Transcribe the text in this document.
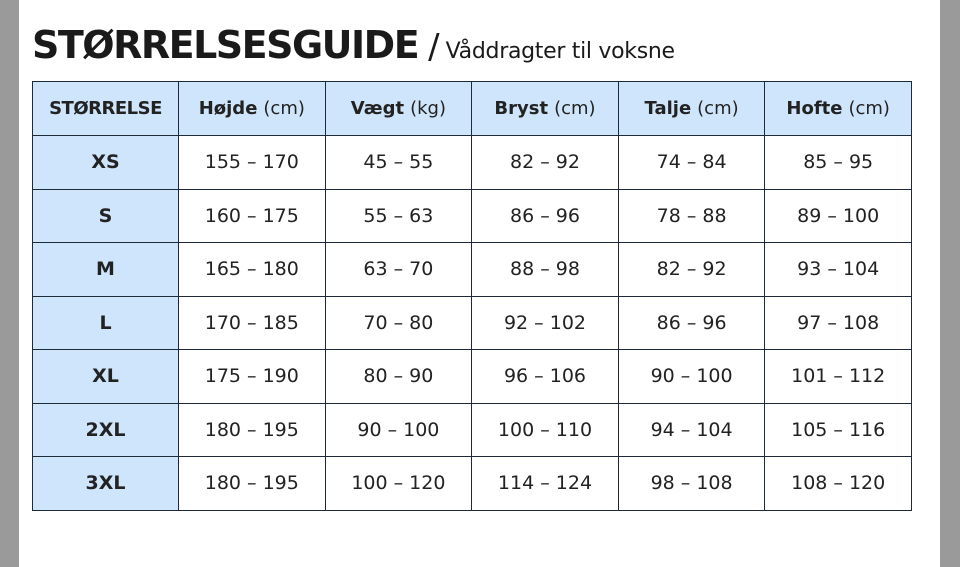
STØRRELSESGUIDE / Våddragter til voksne
STØRRELSE	Højde (cm)	Vægt (kg)	Bryst (cm)	Talje (cm)	Hofte (cm)
XS	155 – 170	45 – 55	82 – 92	74 – 84	85 – 95
S	160 – 175	55 – 63	86 – 96	78 – 88	89 – 100
M	165 – 180	63 – 70	88 – 98	82 – 92	93 – 104
L	170 – 185	70 – 80	92 – 102	86 – 96	97 – 108
XL	175 – 190	80 – 90	96 – 106	90 – 100	101 – 112
2XL	180 – 195	90 – 100	100 – 110	94 – 104	105 – 116
3XL	180 – 195	100 – 120	114 – 124	98 – 108	108 – 120
